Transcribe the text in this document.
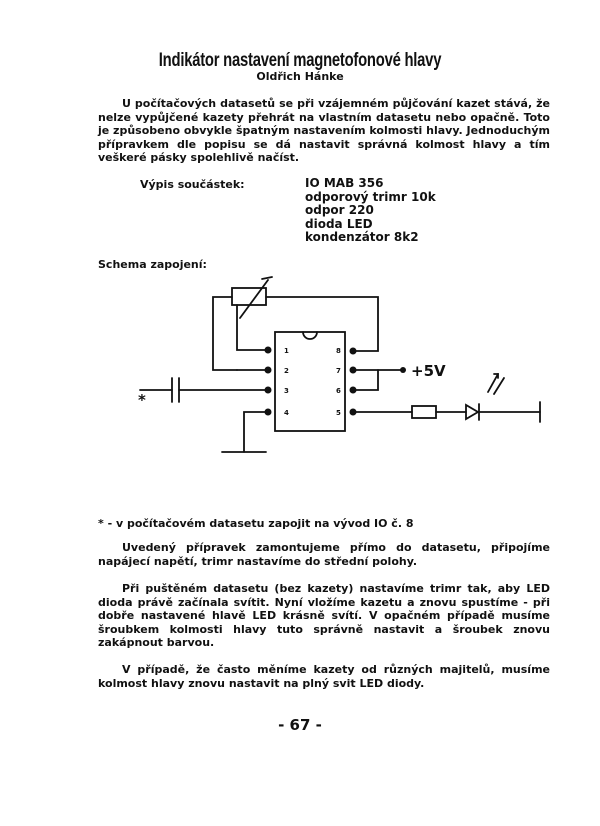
Indikátor nastavení magnetofonové hlavy
Oldřich Hánke

U počítačových datasetů se při vzájemném půjčování kazet stává, že nelze vypůjčené kazety přehrát na vlastním datasetu nebo opačně. Toto je způsobeno obvykle špatným nastavením kolmosti hlavy. Jednoduchým přípravkem dle popisu se dá nastavit správná kolmost hlavy a tím veškeré pásky spolehlivě načíst.

Výpis součástek:	IO MAB 356
odporový trimr 10k
odpor 220
dioda LED
kondenzátor 8k2
Schema zapojení:
1
2
3
4
8
7
6
5
+5V
*
* - v počítačovém datasetu zapojit na vývod IO č. 8

Uvedený přípravek zamontujeme přímo do datasetu, připojíme napájecí napětí, trimr nastavíme do střední polohy.

Při puštěném datasetu (bez kazety) nastavíme trimr tak, aby LED dioda právě začínala svítit. Nyní vložíme kazetu a znovu spustíme - při dobře nastavené hlavě LED krásně svítí. V opačném případě musíme šroubkem kolmosti hlavy tuto správně nastavit a šroubek znovu zakápnout barvou.

V případě, že často měníme kazety od různých majitelů, musíme kolmost hlavy znovu nastavit na plný svit LED diody.

- 67 -
